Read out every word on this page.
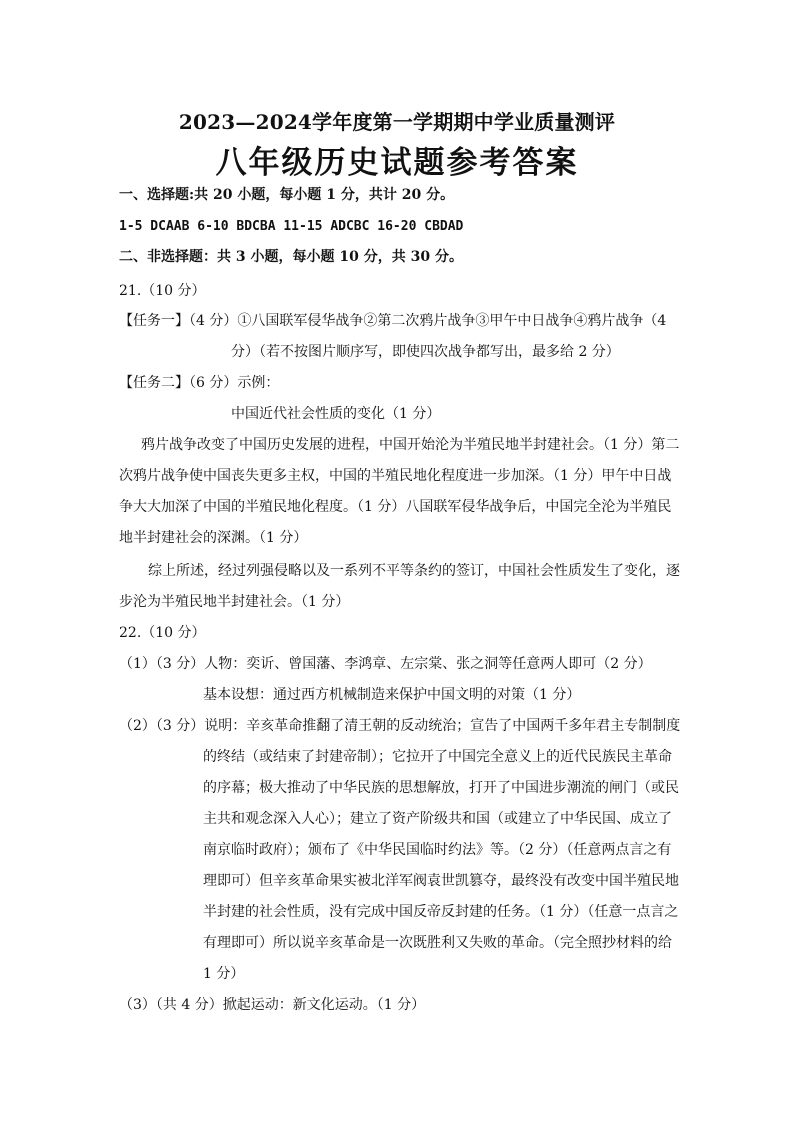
2023—2024学年度第一学期期中学业质量测评
八年级历史试题参考答案
一、选择题:共 20 小题，每小题 1 分，共计 20 分。
1-5 DCAAB 6-10 BDCBA 11-15 ADCBC 16-20 CBDAD
二、非选择题：共 3 小题，每小题 10 分，共 30 分。
21.（10 分）
【任务一】（4 分）①八国联军侵华战争②第二次鸦片战争③甲午中日战争④鸦片战争（4
分）（若不按图片顺序写，即使四次战争都写出，最多给 2 分）
【任务二】（6 分）示例：
中国近代社会性质的变化（1 分）
鸦片战争改变了中国历史发展的进程，中国开始沦为半殖民地半封建社会。（1 分）第二
次鸦片战争使中国丧失更多主权，中国的半殖民地化程度进一步加深。（1 分）甲午中日战
争大大加深了中国的半殖民地化程度。（1 分）八国联军侵华战争后，中国完全沦为半殖民
地半封建社会的深渊。（1 分）
综上所述，经过列强侵略以及一系列不平等条约的签订，中国社会性质发生了变化，逐
步沦为半殖民地半封建社会。（1 分）
22.（10 分）
（1）（3 分）人物：奕䜣、曾国藩、李鸿章、左宗棠、张之洞等任意两人即可（2 分）
基本设想：通过西方机械制造来保护中国文明的对策（1 分）
（2）（3 分）说明：辛亥革命推翻了清王朝的反动统治；宣告了中国两千多年君主专制制度
的终结（或结束了封建帝制）；它拉开了中国完全意义上的近代民族民主革命
的序幕；极大推动了中华民族的思想解放，打开了中国进步潮流的闸门（或民
主共和观念深入人心）；建立了资产阶级共和国（或建立了中华民国、成立了
南京临时政府）；颁布了《中华民国临时约法》等。（2 分）（任意两点言之有
理即可）但辛亥革命果实被北洋军阀袁世凯篡夺，最终没有改变中国半殖民地
半封建的社会性质，没有完成中国反帝反封建的任务。（1 分）（任意一点言之
有理即可）所以说辛亥革命是一次既胜利又失败的革命。（完全照抄材料的给
1 分）
（3）（共 4 分）掀起运动：新文化运动。（1 分）
